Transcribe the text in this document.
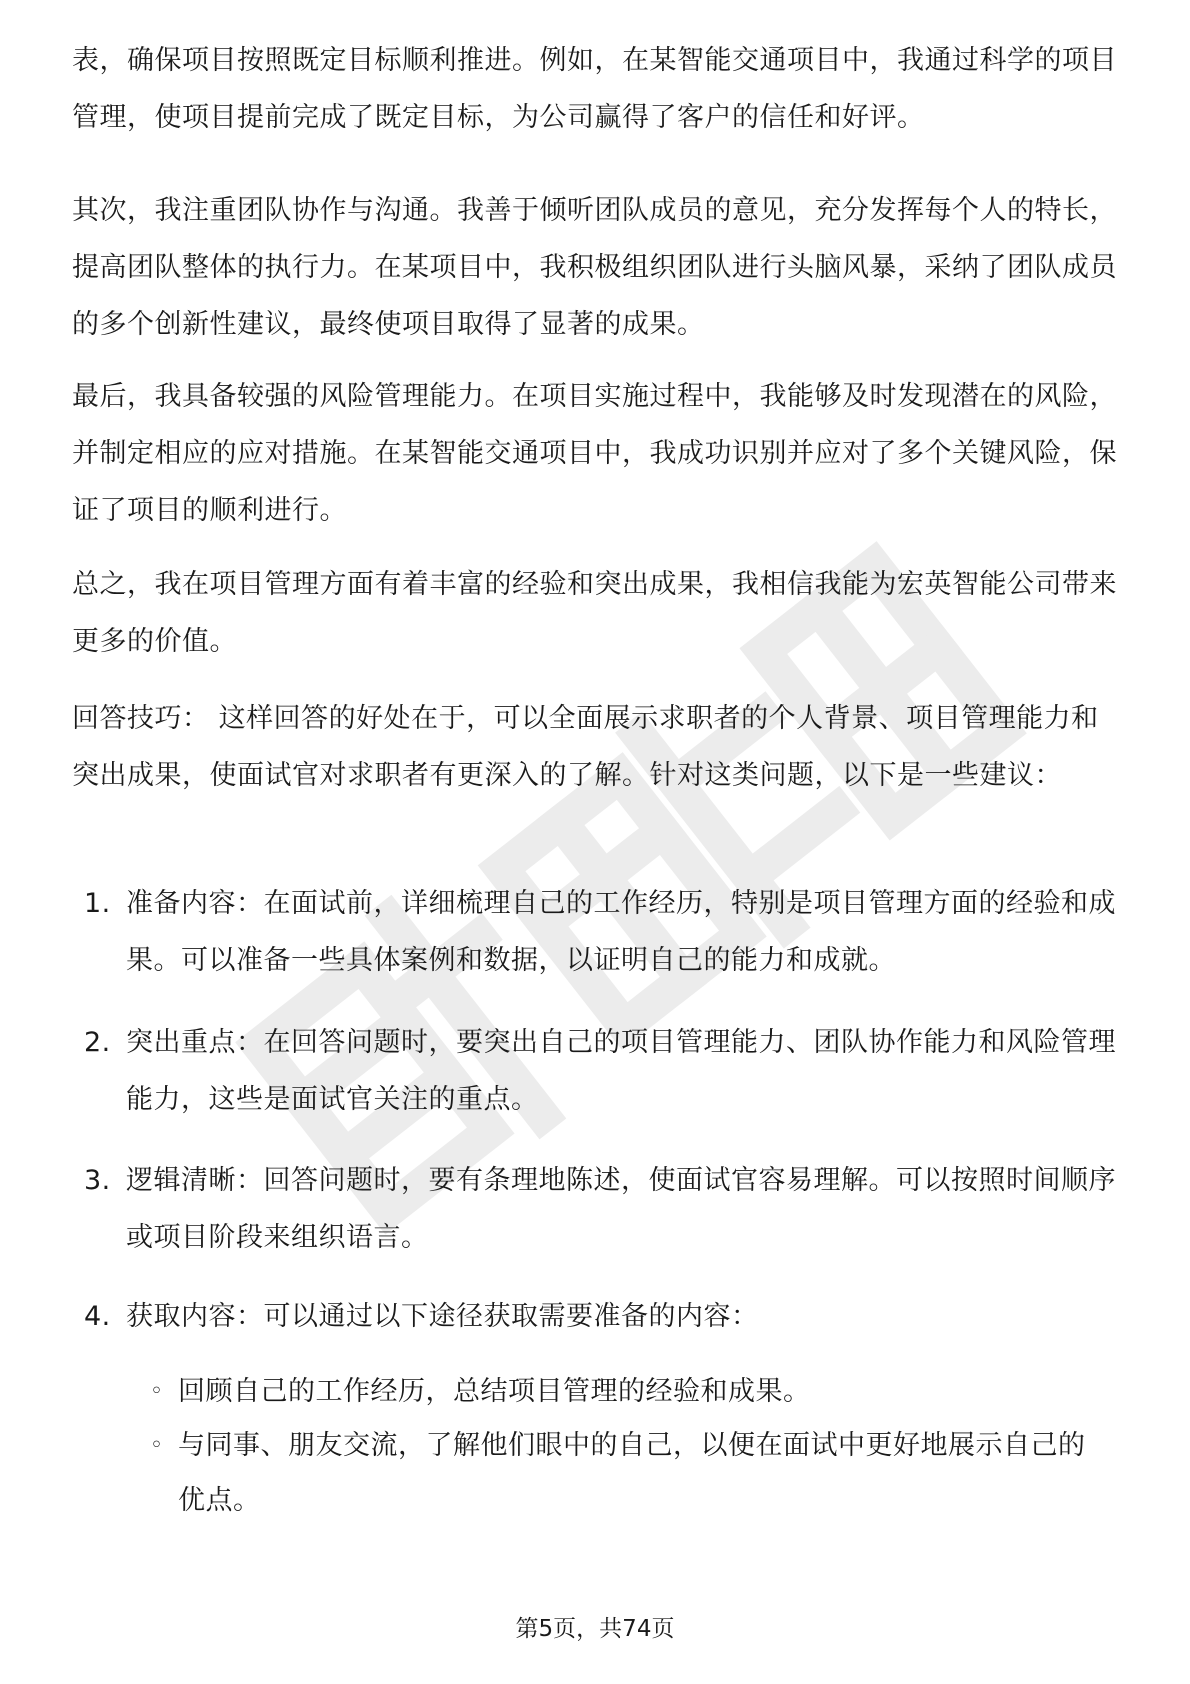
表，确保项目按照既定目标顺利推进。例如，在某智能交通项目中，我通过科学的项目管理，使项目提前完成了既定目标，为公司赢得了客户的信任和好评。

其次，我注重团队协作与沟通。我善于倾听团队成员的意见，充分发挥每个人的特长，提高团队整体的执行力。在某项目中，我积极组织团队进行头脑风暴，采纳了团队成员的多个创新性建议，最终使项目取得了显著的成果。

最后，我具备较强的风险管理能力。在项目实施过程中，我能够及时发现潜在的风险，并制定相应的应对措施。在某智能交通项目中，我成功识别并应对了多个关键风险，保证了项目的顺利进行。

总之，我在项目管理方面有着丰富的经验和突出成果，我相信我能为宏英智能公司带来更多的价值。

回答技巧： 这样回答的好处在于，可以全面展示求职者的个人背景、项目管理能力和突出成果，使面试官对求职者有更深入的了解。针对这类问题，以下是一些建议：

1. 准备内容：在面试前，详细梳理自己的工作经历，特别是项目管理方面的经验和成果。可以准备一些具体案例和数据，以证明自己的能力和成就。
2. 突出重点：在回答问题时，要突出自己的项目管理能力、团队协作能力和风险管理能力，这些是面试官关注的重点。
3. 逻辑清晰：回答问题时，要有条理地陈述，使面试官容易理解。可以按照时间顺序或项目阶段来组织语言。
4. 获取内容：可以通过以下途径获取需要准备的内容：
◦ 回顾自己的工作经历，总结项目管理的经验和成果。
◦ 与同事、朋友交流，了解他们眼中的自己，以便在面试中更好地展示自己的优点。
第5页，共74页
